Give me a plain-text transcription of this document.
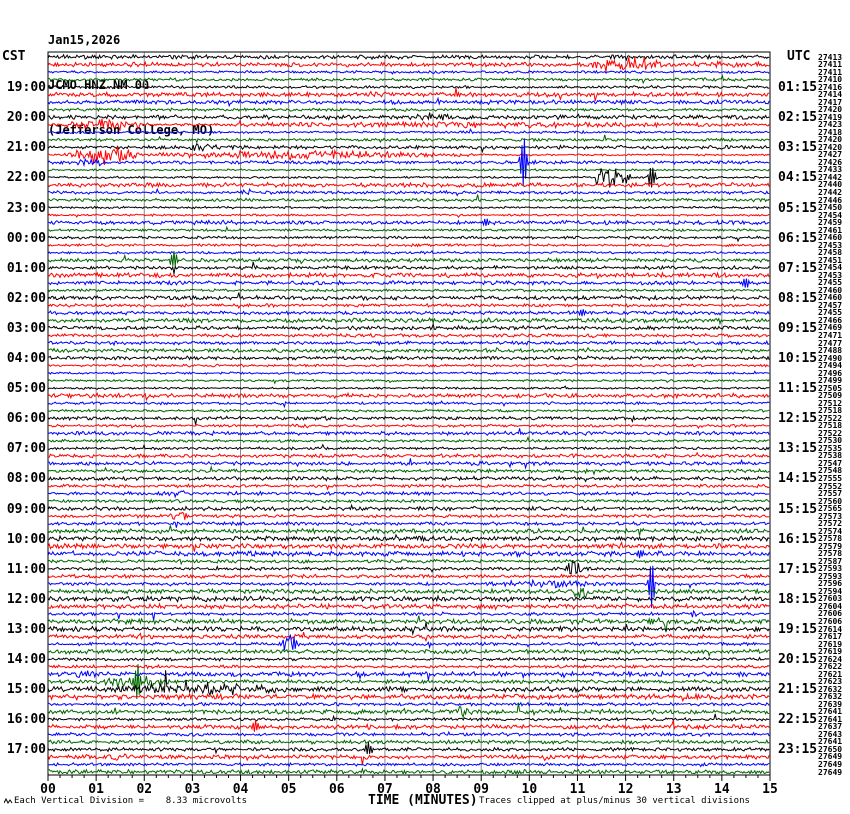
Jan15,2026

JCMO HNZ NM 00

(Jefferson College, MO)

CST	UTC
19:00
20:00
21:00
22:00
23:00
00:00
01:00
02:00
03:00
04:00
05:00
06:00
07:00
08:00
09:00
10:00
11:00
12:00
13:00
14:00
15:00
16:00
17:00
01:15
02:15
03:15
04:15
05:15
06:15
07:15
08:15
09:15
10:15
11:15
12:15
13:15
14:15
15:15
16:15
17:15
18:15
19:15
20:15
21:15
22:15
23:15
27413
27411
27411
27410
27416
27414
27417
27420
27419
27423
27418
27420
27420
27427
27426
27433
27442
27440
27442
27446
27450
27454
27459
27461
27460
27453
27458
27451
27454
27453
27455
27460
27460
27457
27455
27466
27469
27471
27477
27488
27490
27494
27496
27499
27505
27509
27512
27518
27522
27518
27522
27530
27535
27538
27547
27548
27555
27552
27557
27560
27565
27573
27572
27574
27578
27579
27578
27587
27593
27593
27596
27594
27603
27604
27606
27606
27614
27617
27619
27619
27624
27622
27621
27623
27632
27632
27639
27641
27641
27637
27643
27641
27650
27649
27649
27649
00	01	02	03	04	05	06	07	08	09	10	11	12	13	14	15
Each Vertical Division =    8.33 microvolts	TIME (MINUTES) Traces clipped at plus/minus 30 vertical divisions
